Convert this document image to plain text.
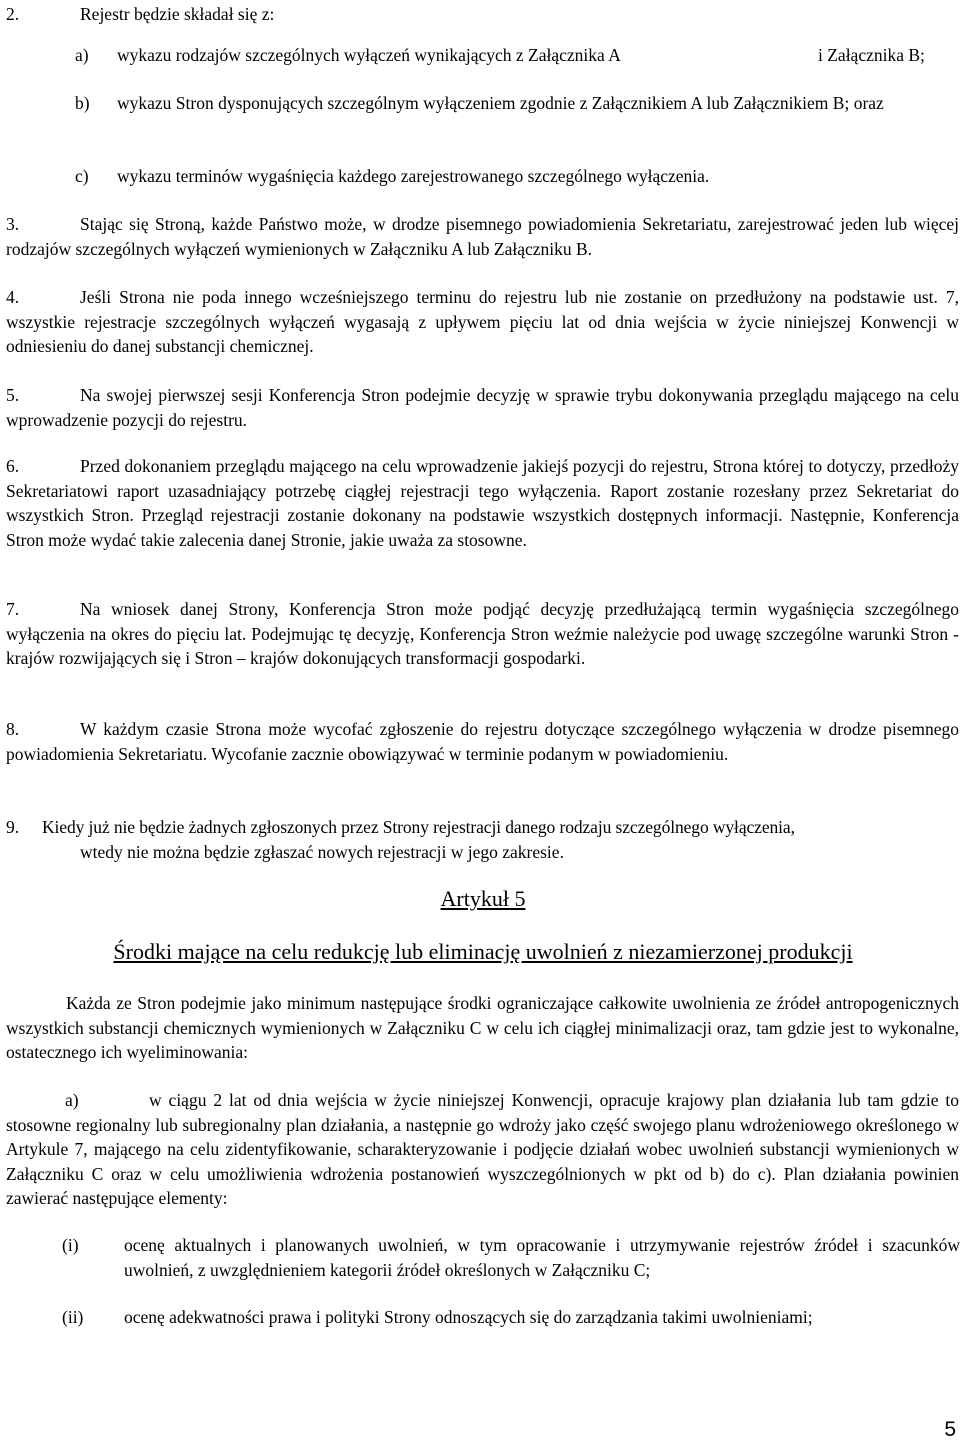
2.	Rejestr będzie składał się z:

a) wykazu rodzajów szczególnych wyłączeń wynikających z Załącznika A	i Załącznika B;
b) wykazu Stron dysponujących szczególnym wyłączeniem zgodnie z Załącznikiem A lub Załącznikiem B; oraz
c) wykazu terminów wygaśnięcia każdego zarejestrowanego szczególnego wyłączenia.

3.	Stając się Stroną, każde Państwo może, w drodze pisemnego powiadomienia Sekretariatu, zarejestrować jeden lub więcej rodzajów szczególnych wyłączeń wymienionych w Załączniku A lub Załączniku B.

4.	Jeśli Strona nie poda innego wcześniejszego terminu do rejestru lub nie zostanie on przedłużony na podstawie ust. 7, wszystkie rejestracje szczególnych wyłączeń wygasają z upływem pięciu lat od dnia wejścia w życie niniejszej Konwencji w odniesieniu do danej substancji chemicznej.

5.	Na swojej pierwszej sesji Konferencja Stron podejmie decyzję w sprawie trybu dokonywania przeglądu mającego na celu wprowadzenie pozycji do rejestru.

6.	Przed dokonaniem przeglądu mającego na celu wprowadzenie jakiejś pozycji do rejestru, Strona której to dotyczy, przedłoży Sekretariatowi raport uzasadniający potrzebę ciągłej rejestracji tego wyłączenia. Raport zostanie rozesłany przez Sekretariat do wszystkich Stron. Przegląd rejestracji zostanie dokonany na podstawie wszystkich dostępnych informacji. Następnie, Konferencja Stron może wydać takie zalecenia danej Stronie, jakie uważa za stosowne.

7.	Na wniosek danej Strony, Konferencja Stron może podjąć decyzję przedłużającą termin wygaśnięcia szczególnego wyłączenia na okres do pięciu lat. Podejmując tę decyzję, Konferencja Stron weźmie należycie pod uwagę szczególne warunki Stron - krajów rozwijających się i Stron – krajów dokonujących transformacji gospodarki.

8.	W każdym czasie Strona może wycofać zgłoszenie do rejestru dotyczące szczególnego wyłączenia w drodze pisemnego powiadomienia Sekretariatu. Wycofanie zacznie obowiązywać w terminie podanym w powiadomieniu.

9. Kiedy już nie będzie żadnych zgłoszonych przez Strony rejestracji danego rodzaju szczególnego wyłączenia,
wtedy nie można będzie zgłaszać nowych rejestracji w jego zakresie.
Artykuł 5
Środki mające na celu redukcję lub eliminację uwolnień z niezamierzonej produkcji

Każda ze Stron podejmie jako minimum następujące środki ograniczające całkowite uwolnienia ze źródeł antropogenicznych wszystkich substancji chemicznych wymienionych w Załączniku C w celu ich ciągłej minimalizacji oraz, tam gdzie jest to wykonalne, ostatecznego ich wyeliminowania:

a)	w ciągu 2 lat od dnia wejścia w życie niniejszej Konwencji, opracuje krajowy plan działania lub tam gdzie to stosowne regionalny lub subregionalny plan działania, a następnie go wdroży jako część swojego planu wdrożeniowego określonego w Artykule 7, mającego na celu zidentyfikowanie, scharakteryzowanie i podjęcie działań wobec uwolnień substancji wymienionych w Załączniku C oraz w celu umożliwienia wdrożenia postanowień wyszczególnionych w pkt od b) do c). Plan działania powinien zawierać następujące elementy:
(i)	ocenę aktualnych i planowanych uwolnień, w tym opracowanie i utrzymywanie rejestrów źródeł i szacunków uwolnień, z uwzględnieniem kategorii źródeł określonych w Załączniku C;
(ii) ocenę adekwatności prawa i polityki Strony odnoszących się do zarządzania takimi uwolnieniami;

5
